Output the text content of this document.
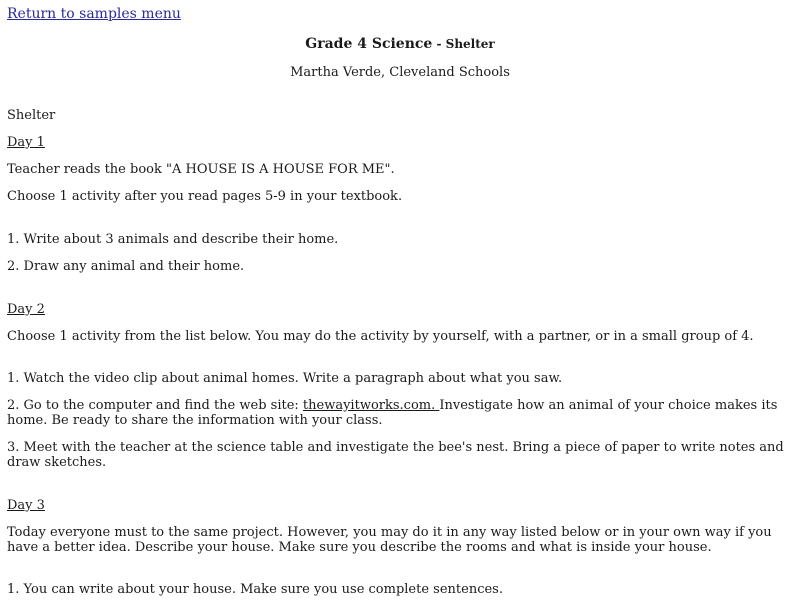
Return to samples menu
Grade 4 Science - Shelter
Martha Verde, Cleveland Schools
Shelter
Day 1
Teacher reads the book "A HOUSE IS A HOUSE FOR ME".
Choose 1 activity after you read pages 5-9 in your textbook.
1. Write about 3 animals and describe their home.
2. Draw any animal and their home.
Day 2
Choose 1 activity from the list below. You may do the activity by yourself, with a partner, or in a small group of 4.
1. Watch the video clip about animal homes. Write a paragraph about what you saw.
2. Go to the computer and find the web site: thewayitworks.com. Investigate how an animal of your choice makes its home. Be ready to share the information with your class.
3. Meet with the teacher at the science table and investigate the bee's nest. Bring a piece of paper to write notes and draw sketches.
Day 3
Today everyone must to the same project. However, you may do it in any way listed below or in your own way if you have a better idea. Describe your house. Make sure you describe the rooms and what is inside your house.
1. You can write about your house. Make sure you use complete sentences.
